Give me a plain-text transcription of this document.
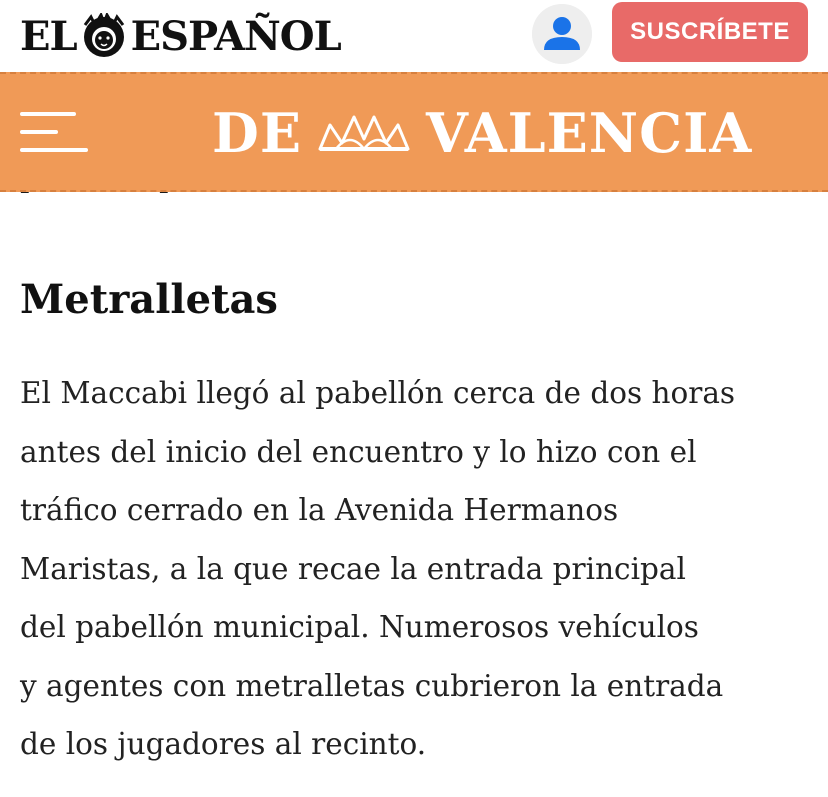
EL ESPAÑOL	SUSCRÍBETE
DE VALENCIA
Metralletas
El Maccabi llegó al pabellón cerca de dos horas
antes del inicio del encuentro y lo hizo con el
tráfico cerrado en la Avenida Hermanos
Maristas, a la que recae la entrada principal
del pabellón municipal. Numerosos vehículos
y agentes con metralletas cubrieron la entrada
de los jugadores al recinto.
